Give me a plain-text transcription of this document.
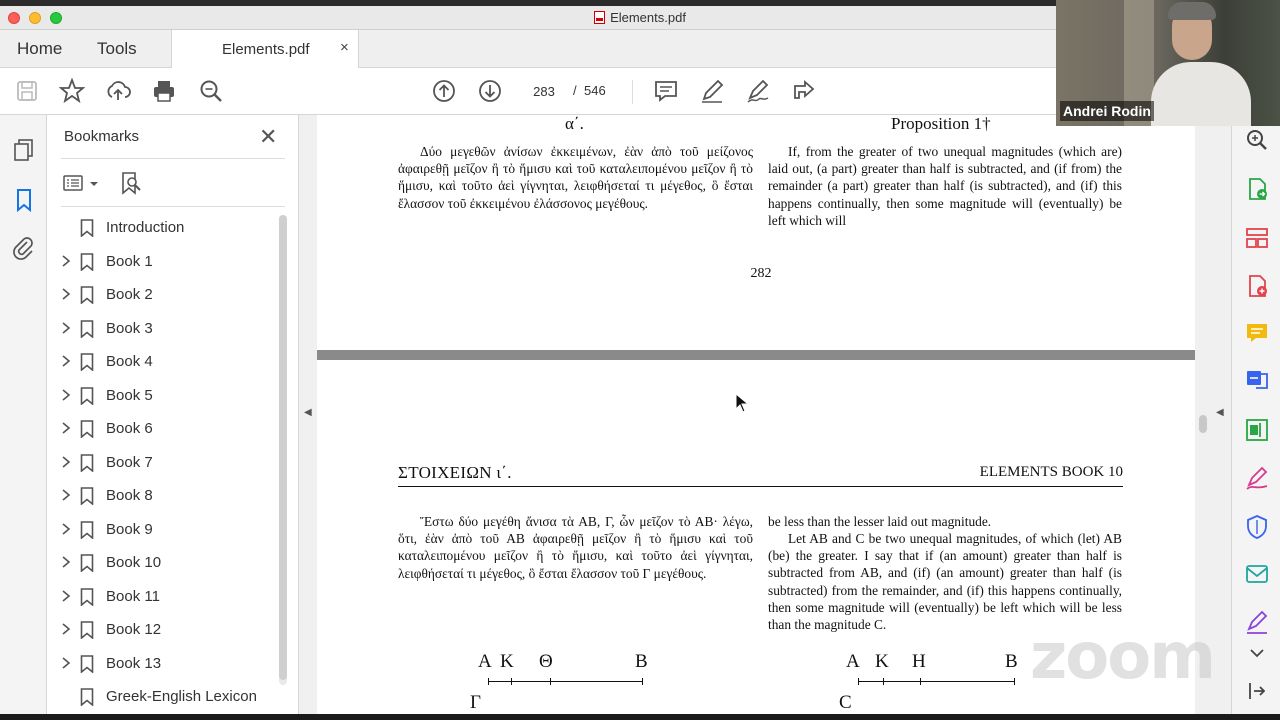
Elements.pdf
Home Tools	Elements.pdf ×
283	/ 546
Bookmarks	✕
Introduction
Book 1
Book 2
Book 3
Book 4
Book 5
Book 6
Book 7
Book 8
Book 9
Book 10
Book 11
Book 12
Book 13
Greek-English Lexicon
α΄.	Proposition 1†
Δύο μεγεθῶν ἀνίσων ἐκκειμένων, ἐὰν ἀπὸ τοῦ μείζονος ἀφαιρεθῇ μεῖζον ἢ τὸ ἥμισυ καὶ τοῦ καταλειπομένου μεῖζον ἢ τὸ ἥμισυ, καὶ τοῦτο ἀεὶ γίγνηται, λειφθήσεταί τι μέγεθος, ὃ ἔσται ἔλασσον τοῦ ἐκκειμένου ἐλάσσονος μεγέθους.
If, from the greater of two unequal magnitudes (which are) laid out, (a part) greater than half is subtracted, and (if from) the remainder (a part) greater than half (is subtracted), and (if) this happens continually, then some magnitude will (eventually) be left which will
282
ΣΤΟΙΧΕΙΩΝ ι΄.	ELEMENTS BOOK 10
Ἔστω δύο μεγέθη ἄνισα τὰ ΑΒ, Γ, ὧν μεῖζον τὸ ΑΒ· λέγω, ὅτι, ἐὰν ἀπὸ τοῦ ΑΒ ἀφαιρεθῇ μεῖζον ἢ τὸ ἥμισυ καὶ τοῦ καταλειπομένου μεῖζον ἢ τὸ ἥμισυ, καὶ τοῦτο ἀεὶ γίγνηται, λειφθήσεταί τι μέγεθος, ὃ ἔσται ἔλασσον τοῦ Γ μεγέθους.
be less than the lesser laid out magnitude.
Let AB and C be two unequal magnitudes, of which (let) AB (be) the greater. I say that if (an amount) greater than half is subtracted from AB, and (if) (an amount) greater than half (is subtracted) from the remainder, and (if) this happens continually, then some magnitude will (eventually) be left which will be less than the magnitude C.
Α Κ Θ	Β
Γ
A K H	B
C
◀	◀
Andrei Rodin
zoom
